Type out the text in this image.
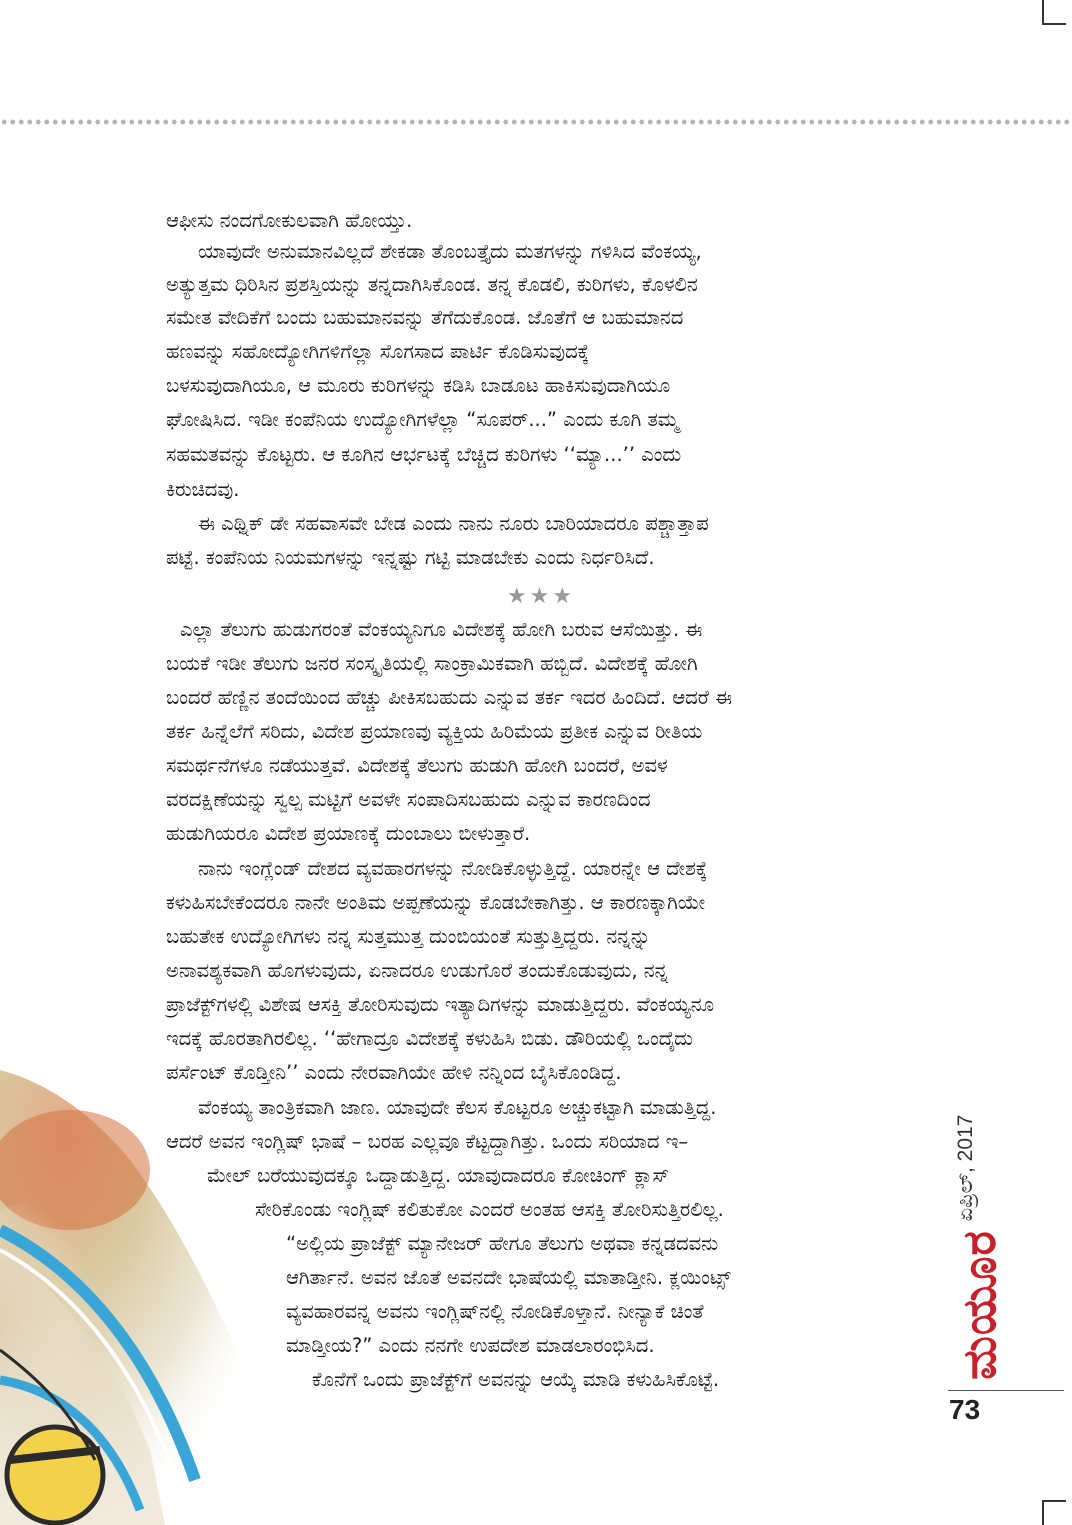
ಆಫೀಸು ನಂದಗೋಕುಲವಾಗಿ ಹೋಯ್ತು.

ಯಾವುದೇ ಅನುಮಾನವಿಲ್ಲದೆ ಶೇಕಡಾ ತೊಂಬತ್ತೈದು ಮತಗಳನ್ನು ಗಳಿಸಿದ ವೆಂಕಯ್ಯ,

ಅತ್ಯುತ್ತಮ ಧಿರಿಸಿನ ಪ್ರಶಸ್ತಿಯನ್ನು ತನ್ನದಾಗಿಸಿಕೊಂಡ. ತನ್ನ ಕೊಡಲಿ, ಕುರಿಗಳು, ಕೊಳಲಿನ

ಸಮೇತ ವೇದಿಕೆಗೆ ಬಂದು ಬಹುಮಾನವನ್ನು ತೆಗೆದುಕೊಂಡ. ಜೊತೆಗೆ ಆ ಬಹುಮಾನದ

ಹಣವನ್ನು ಸಹೋದ್ಯೋಗಿಗಳಿಗೆಲ್ಲಾ ಸೊಗಸಾದ ಪಾರ್ಟಿ ಕೊಡಿಸುವುದಕ್ಕೆ

ಬಳಸುವುದಾಗಿಯೂ, ಆ ಮೂರು ಕುರಿಗಳನ್ನು ಕಡಿಸಿ ಬಾಡೂಟ ಹಾಕಿಸುವುದಾಗಿಯೂ

ಘೋಷಿಸಿದ. ಇಡೀ ಕಂಪೆನಿಯ ಉದ್ಯೋಗಿಗಳೆಲ್ಲಾ “ಸೂಪರ್...” ಎಂದು ಕೂಗಿ ತಮ್ಮ

ಸಹಮತವನ್ನು ಕೊಟ್ಟರು. ಆ ಕೂಗಿನ ಆರ್ಭಟಕ್ಕೆ ಬೆಚ್ಚಿದ ಕುರಿಗಳು ‘‘ಮ್ಯಾ...’’ ಎಂದು

ಕಿರುಚಿದವು.

ಈ ಎಥ್ನಿಕ್ ಡೇ ಸಹವಾಸವೇ ಬೇಡ ಎಂದು ನಾನು ನೂರು ಬಾರಿಯಾದರೂ ಪಶ್ಚಾತ್ತಾಪ

ಪಟ್ಟೆ. ಕಂಪೆನಿಯ ನಿಯಮಗಳನ್ನು ಇನ್ನಷ್ಟು ಗಟ್ಟಿ ಮಾಡಬೇಕು ಎಂದು ನಿರ್ಧರಿಸಿದೆ.

★★★

ಎಲ್ಲಾ ತೆಲುಗು ಹುಡುಗರಂತೆ ವೆಂಕಯ್ಯನಿಗೂ ವಿದೇಶಕ್ಕೆ ಹೋಗಿ ಬರುವ ಆಸೆಯಿತ್ತು. ಈ

ಬಯಕೆ ಇಡೀ ತೆಲುಗು ಜನರ ಸಂಸ್ಕೃತಿಯಲ್ಲಿ ಸಾಂಕ್ರಾಮಿಕವಾಗಿ ಹಬ್ಬಿದೆ. ವಿದೇಶಕ್ಕೆ ಹೋಗಿ

ಬಂದರೆ ಹೆಣ್ಣಿನ ತಂದೆಯಿಂದ ಹೆಚ್ಚು ಪೀಕಿಸಬಹುದು ಎನ್ನುವ ತರ್ಕ ಇದರ ಹಿಂದಿದೆ. ಆದರೆ ಈ

ತರ್ಕ ಹಿನ್ನೆಲೆಗೆ ಸರಿದು, ವಿದೇಶ ಪ್ರಯಾಣವು ವ್ಯಕ್ತಿಯ ಹಿರಿಮೆಯ ಪ್ರತೀಕ ಎನ್ನುವ ರೀತಿಯ

ಸಮರ್ಥನೆಗಳೂ ನಡೆಯುತ್ತವೆ. ವಿದೇಶಕ್ಕೆ ತೆಲುಗು ಹುಡುಗಿ ಹೋಗಿ ಬಂದರೆ, ಅವಳ

ವರದಕ್ಷಿಣೆಯನ್ನು ಸ್ವಲ್ಪ ಮಟ್ಟಿಗೆ ಅವಳೇ ಸಂಪಾದಿಸಬಹುದು ಎನ್ನುವ ಕಾರಣದಿಂದ

ಹುಡುಗಿಯರೂ ವಿದೇಶ ಪ್ರಯಾಣಕ್ಕೆ ದುಂಬಾಲು ಬೀಳುತ್ತಾರೆ.

ನಾನು ಇಂಗ್ಲೆಂಡ್ ದೇಶದ ವ್ಯವಹಾರಗಳನ್ನು ನೋಡಿಕೊಳ್ಳುತ್ತಿದ್ದೆ. ಯಾರನ್ನೇ ಆ ದೇಶಕ್ಕೆ

ಕಳುಹಿಸಬೇಕೆಂದರೂ ನಾನೇ ಅಂತಿಮ ಅಪ್ಪಣೆಯನ್ನು ಕೊಡಬೇಕಾಗಿತ್ತು. ಆ ಕಾರಣಕ್ಕಾಗಿಯೇ

ಬಹುತೇಕ ಉದ್ಯೋಗಿಗಳು ನನ್ನ ಸುತ್ತಮುತ್ತ ದುಂಬಿಯಂತೆ ಸುತ್ತುತ್ತಿದ್ದರು. ನನ್ನನ್ನು

ಅನಾವಶ್ಯಕವಾಗಿ ಹೊಗಳುವುದು, ಏನಾದರೂ ಉಡುಗೊರೆ ತಂದುಕೊಡುವುದು, ನನ್ನ

ಪ್ರಾಜೆಕ್ಟ್‌ಗಳಲ್ಲಿ ವಿಶೇಷ ಆಸಕ್ತಿ ತೋರಿಸುವುದು ಇತ್ಯಾದಿಗಳನ್ನು ಮಾಡುತ್ತಿದ್ದರು. ವೆಂಕಯ್ಯನೂ

ಇದಕ್ಕೆ ಹೊರತಾಗಿರಲಿಲ್ಲ. ‘‘ಹೇಗಾದ್ರೂ ವಿದೇಶಕ್ಕೆ ಕಳುಹಿಸಿ ಬಿಡು. ಡೌರಿಯಲ್ಲಿ ಒಂದೈದು

ಪರ್ಸೆಂಟ್ ಕೊಡ್ತೀನಿ’’ ಎಂದು ನೇರವಾಗಿಯೇ ಹೇಳಿ ನನ್ನಿಂದ ಬೈಸಿಕೊಂಡಿದ್ದ.

ವೆಂಕಯ್ಯ ತಾಂತ್ರಿಕವಾಗಿ ಜಾಣ. ಯಾವುದೇ ಕೆಲಸ ಕೊಟ್ಟರೂ ಅಚ್ಚುಕಟ್ಟಾಗಿ ಮಾಡುತ್ತಿದ್ದ.

ಆದರೆ ಅವನ ಇಂಗ್ಲಿಷ್ ಭಾಷೆ – ಬರಹ ಎಲ್ಲವೂ ಕೆಟ್ಟದ್ದಾಗಿತ್ತು. ಒಂದು ಸರಿಯಾದ ಇ–

ಮೇಲ್ ಬರೆಯುವುದಕ್ಕೂ ಒದ್ದಾಡುತ್ತಿದ್ದ. ಯಾವುದಾದರೂ ಕೋಚಿಂಗ್ ಕ್ಲಾಸ್

ಸೇರಿಕೊಂಡು ಇಂಗ್ಲಿಷ್ ಕಲಿತುಕೋ ಎಂದರೆ ಅಂತಹ ಆಸಕ್ತಿ ತೋರಿಸುತ್ತಿರಲಿಲ್ಲ.

“ಅಲ್ಲಿಯ ಪ್ರಾಜೆಕ್ಟ್ ಮ್ಯಾನೇಜರ್ ಹೇಗೂ ತೆಲುಗು ಅಥವಾ ಕನ್ನಡದವನು

ಆಗಿರ್ತಾನೆ. ಅವನ ಜೊತೆ ಅವನದೇ ಭಾಷೆಯಲ್ಲಿ ಮಾತಾಡ್ತೀನಿ. ಕ್ಲಯಿಂಟ್ಸ್

ವ್ಯವಹಾರವನ್ನ ಅವನು ಇಂಗ್ಲಿಷ್‌ನಲ್ಲಿ ನೋಡಿಕೊಳ್ತಾನೆ. ನೀನ್ಯಾಕೆ ಚಿಂತೆ

ಮಾಡ್ತೀಯ?” ಎಂದು ನನಗೇ ಉಪದೇಶ ಮಾಡಲಾರಂಭಿಸಿದ.

ಕೊನೆಗೆ ಒಂದು ಪ್ರಾಜೆಕ್ಟ್‌ಗೆ ಅವನನ್ನು ಆಯ್ಕೆ ಮಾಡಿ ಕಳುಹಿಸಿಕೊಟ್ಟೆ.

ಏಪ್ರಿಲ್, 2017
ಮಯೂರ
73
